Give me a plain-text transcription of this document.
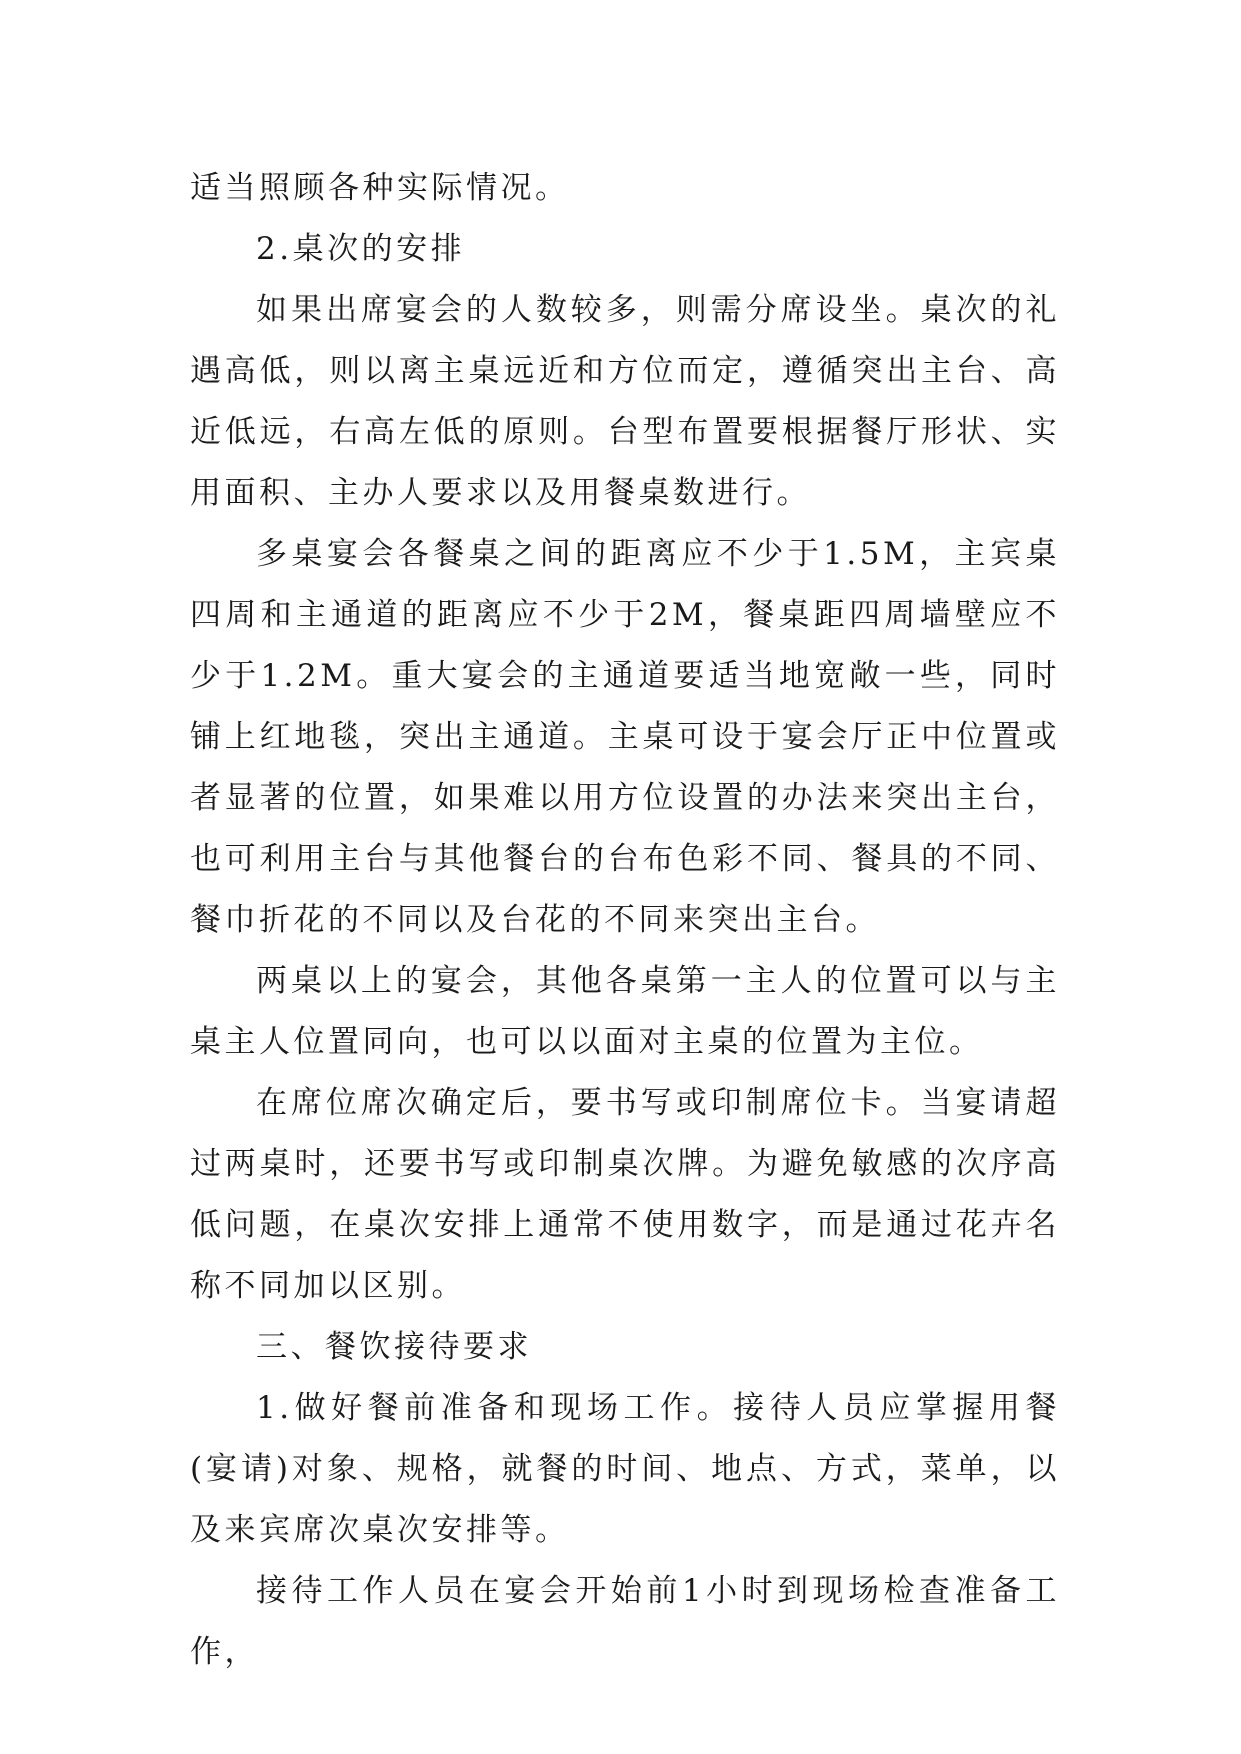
适当照顾各种实际情况。

2.桌次的安排

如果出席宴会的人数较多，则需分席设坐。桌次的礼遇高低，则以离主桌远近和方位而定，遵循突出主台、高近低远，右高左低的原则。台型布置要根据餐厅形状、实用面积、主办人要求以及用餐桌数进行。

多桌宴会各餐桌之间的距离应不少于1.5M，主宾桌四周和主通道的距离应不少于2M，餐桌距四周墙壁应不少于1.2M。重大宴会的主通道要适当地宽敞一些，同时铺上红地毯，突出主通道。主桌可设于宴会厅正中位置或者显著的位置，如果难以用方位设置的办法来突出主台，也可利用主台与其他餐台的台布色彩不同、餐具的不同、餐巾折花的不同以及台花的不同来突出主台。

两桌以上的宴会，其他各桌第一主人的位置可以与主桌主人位置同向，也可以以面对主桌的位置为主位。

在席位席次确定后，要书写或印制席位卡。当宴请超过两桌时，还要书写或印制桌次牌。为避免敏感的次序高低问题，在桌次安排上通常不使用数字，而是通过花卉名称不同加以区别。

三、餐饮接待要求

1.做好餐前准备和现场工作。接待人员应掌握用餐(宴请)对象、规格，就餐的时间、地点、方式，菜单，以及来宾席次桌次安排等。

接待工作人员在宴会开始前1小时到现场检查准备工作，
